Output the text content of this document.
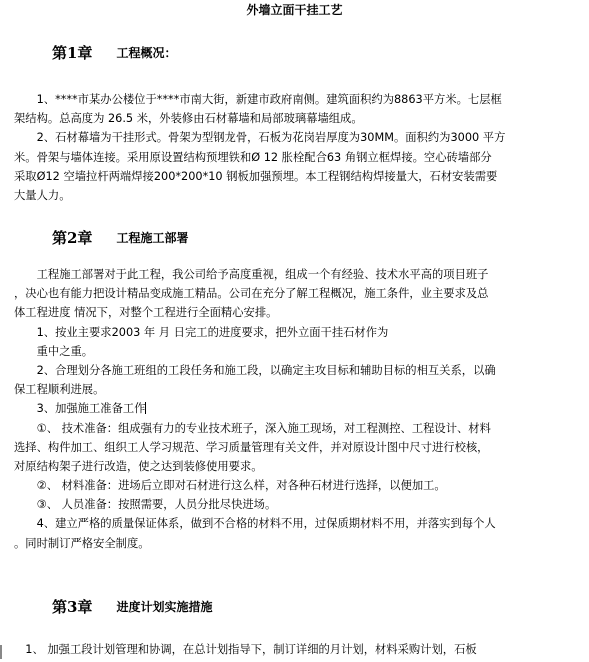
外墙立面干挂工艺
第1章 工程概况：
　　1、****市某办公楼位于****市南大街，新建市政府南侧。建筑面积约为8863平方米。七层框
架结构。总高度为 26.5 米，外装修由石材幕墙和局部玻璃幕墙组成。
　　2、石材幕墙为干挂形式。骨架为型钢龙骨，石板为花岗岩厚度为30MM。面积约为3000 平方
米。骨架与墙体连接。采用原设置结构预埋铁和Ø 12 胀栓配合63 角钢立框焊接。空心砖墙部分
采取Ø12 空墙拉杆两端焊接200*200*10 钢板加强预埋。本工程钢结构焊接量大，石材安装需要
大量人力。
第2章 工程施工部署
　　工程施工部署对于此工程，我公司给予高度重视，组成一个有经验、技术水平高的项目班子
，决心也有能力把设计精品变成施工精品。公司在充分了解工程概况，施工条件，业主要求及总
体工程进度 情况下，对整个工程进行全面精心安排。
　　1、按业主要求2003 年 月 日完工的进度要求，把外立面干挂石材作为
　　重中之重。
　　2、合理划分各施工班组的工段任务和施工段，以确定主攻目标和辅助目标的相互关系，以确
保工程顺利进展。
　　3、加强施工准备工作
　　①、 技术准备：组成强有力的专业技术班子，深入施工现场，对工程测控、工程设计、材料
选择、构件加工、组织工人学习规范、学习质量管理有关文件，并对原设计图中尺寸进行校核，
对原结构架子进行改造，使之达到装修使用要求。
　　②、 材料准备：进场后立即对石材进行这么样，对各种石材进行选择，以便加工。
　　③、 人员准备：按照需要，人员分批尽快进场。
　　4、建立严格的质量保证体系，做到不合格的材料不用，过保质期材料不用，并落实到每个人
。同时制订严格安全制度。
第3章 进度计划实施措施
　1、 加强工段计划管理和协调，在总计划指导下，制订详细的月计划，材料采购计划，石板
